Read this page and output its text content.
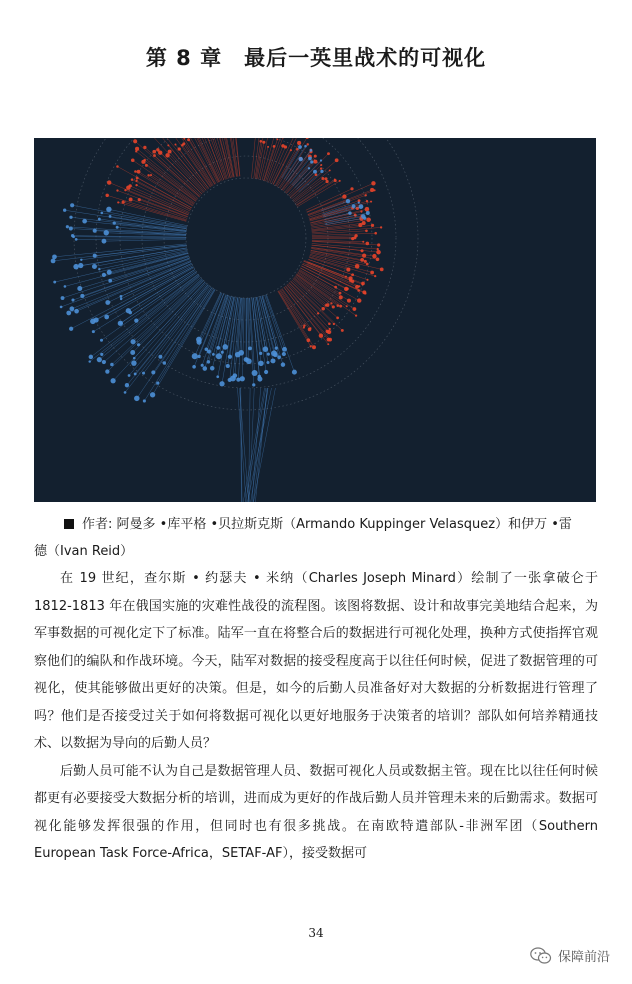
第 8 章　最后一英里战术的可视化
作者: 阿曼多 •库平格 •贝拉斯克斯（Armando Kuppinger Velasquez）和伊万 •雷
德（Ivan Reid）

在 19 世纪，查尔斯 • 约瑟夫 • 米纳（Charles Joseph Minard）绘制了一张拿破仑于 1812-1813 年在俄国实施的灾难性战役的流程图。该图将数据、设计和故事完美地结合起来，为军事数据的可视化定下了标准。陆军一直在将整合后的数据进行可视化处理，换种方式使指挥官观察他们的编队和作战环境。今天，陆军对数据的接受程度高于以往任何时候，促进了数据管理的可视化，使其能够做出更好的决策。但是，如今的后勤人员准备好对大数据的分析数据进行管理了吗？他们是否接受过关于如何将数据可视化以更好地服务于决策者的培训？部队如何培养精通技术、以数据为导向的后勤人员？

后勤人员可能不认为自己是数据管理人员、数据可视化人员或数据主管。现在比以往任何时候都更有必要接受大数据分析的培训，进而成为更好的作战后勤人员并管理未来的后勤需求。数据可视化能够发挥很强的作用，但同时也有很多挑战。在南欧特遣部队-非洲军团（Southern European Task Force-Africa，SETAF-AF），接受数据可

34
保障前沿
